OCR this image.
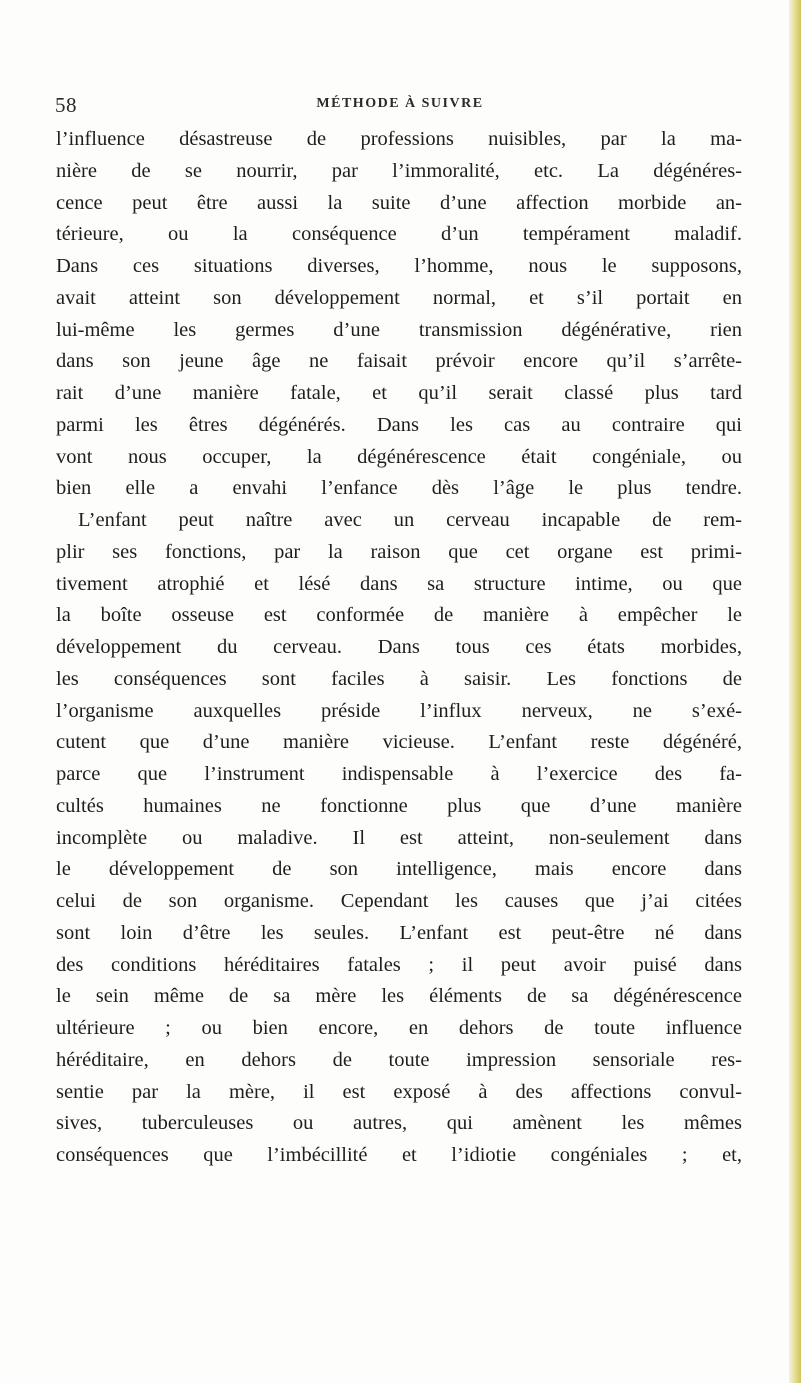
58	MÉTHODE À SUIVRE
l’influence désastreuse de professions nuisibles, par la ma-
nière de se nourrir, par l’immoralité, etc. La dégénéres-
cence peut être aussi la suite d’une affection morbide an-
térieure, ou la conséquence d’un tempérament maladif.
Dans ces situations diverses, l’homme, nous le supposons,
avait atteint son développement normal, et s’il portait en
lui-même les germes d’une transmission dégénérative, rien
dans son jeune âge ne faisait prévoir encore qu’il s’arrête-
rait d’une manière fatale, et qu’il serait classé plus tard
parmi les êtres dégénérés. Dans les cas au contraire qui
vont nous occuper, la dégénérescence était congéniale, ou
bien elle a envahi l’enfance dès l’âge le plus tendre.
L’enfant peut naître avec un cerveau incapable de rem-
plir ses fonctions, par la raison que cet organe est primi-
tivement atrophié et lésé dans sa structure intime, ou que
la boîte osseuse est conformée de manière à empêcher le
développement du cerveau. Dans tous ces états morbides,
les conséquences sont faciles à saisir. Les fonctions de
l’organisme auxquelles préside l’influx nerveux, ne s’exé-
cutent que d’une manière vicieuse. L’enfant reste dégénéré,
parce que l’instrument indispensable à l’exercice des fa-
cultés humaines ne fonctionne plus que d’une manière
incomplète ou maladive. Il est atteint, non-seulement dans
le développement de son intelligence, mais encore dans
celui de son organisme. Cependant les causes que j’ai citées
sont loin d’être les seules. L’enfant est peut-être né dans
des conditions héréditaires fatales ; il peut avoir puisé dans
le sein même de sa mère les éléments de sa dégénérescence
ultérieure ; ou bien encore, en dehors de toute influence
héréditaire, en dehors de toute impression sensoriale res-
sentie par la mère, il est exposé à des affections convul-
sives, tuberculeuses ou autres, qui amènent les mêmes
conséquences que l’imbécillité et l’idiotie congéniales ; et,
